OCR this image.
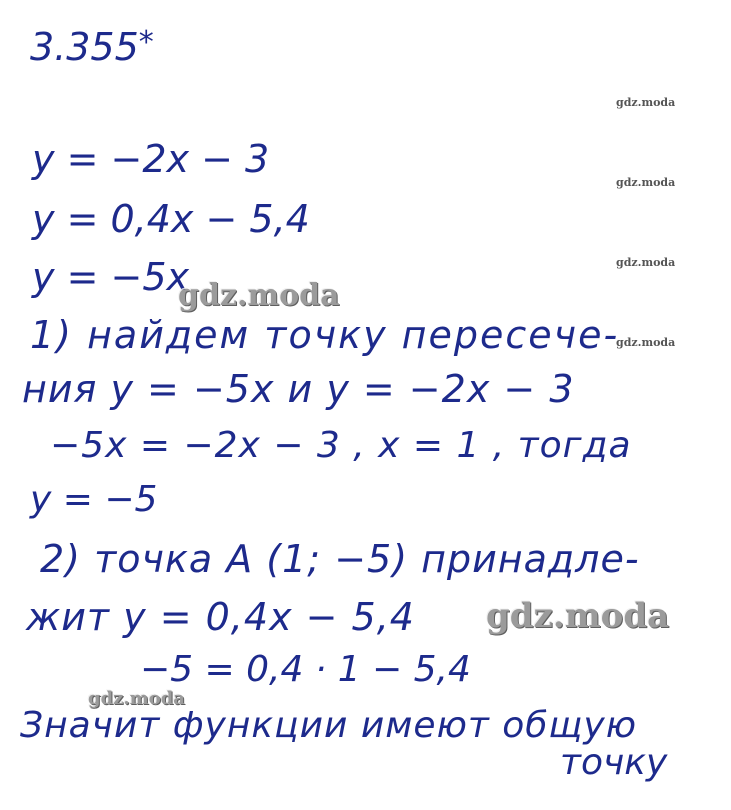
3.355*
y = −2x − 3
y = 0,4x − 5,4
y = −5x
1) найдем точку пересече-
ния y = −5x и y = −2x − 3
−5x = −2x − 3 , x = 1 , тогда
y = −5
2) точка A (1; −5) принадле-
жит y = 0,4x − 5,4
−5 = 0,4 · 1 − 5,4
Значит функции имеют общую
точку
gdz.moda
gdz.moda
gdz.moda
gdz.moda
gdz.moda
gdz.moda
gdz.moda
